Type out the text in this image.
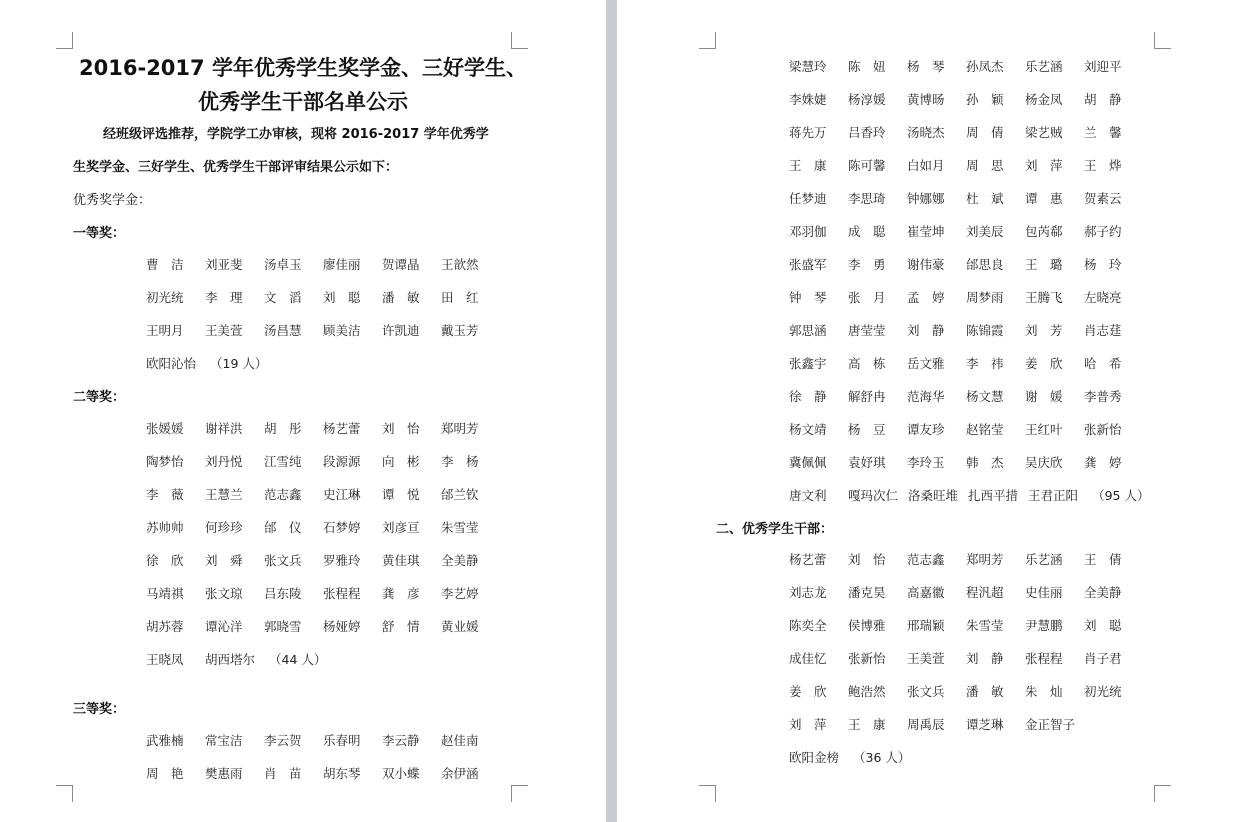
2016-2017 学年优秀学生奖学金、三好学生、
优秀学生干部名单公示
经班级评选推荐，学院学工办审核，现将 2016-2017 学年优秀学
生奖学金、三好学生、优秀学生干部评审结果公示如下：
优秀奖学金：
一等奖：
曹　洁	刘亚斐	汤卓玉	廖佳丽	贺谭晶	王歆然
初光统	李　理	文　滔	刘　聪	潘　敏	田　红
王明月	王美萱	汤昌慧	顾美洁	许凯迪	戴玉芳
欧阳沁怡 （19 人）
二等奖：
张媛媛	谢祥洪	胡　彤	杨艺蕾	刘　怡	郑明芳
陶梦怡	刘丹悦	江雪纯	段源源	向　彬	李　杨
李　薇	王慧兰	范志鑫	史江琳	谭　悦	邰兰钦
苏帅帅	何珍珍	邰　仪	石梦婷	刘彦亘	朱雪莹
徐　欣	刘　舜	张文兵	罗雅玲	黄佳琪	全美静
马靖祺	张文琼	吕东陵	张程程	龚　彦	李艺婷
胡苏蓉	谭沁洋	郭晓雪	杨娅婷	舒　情	黄业媛
王晓凤	胡西塔尔 （44 人）
三等奖：
武雅楠	常宝洁	李云贺	乐春明	李云静	赵佳南
周　艳	樊惠雨	肖　苗	胡东琴	双小蝶	余伊涵
梁慧玲	陈　妞	杨　琴	孙凤杰	乐艺涵	刘迎平
李姝婕	杨淳媛	黄博旸	孙　颖	杨金凤	胡　静
蒋先万	吕香玲	汤晓杰	周　倩	梁艺贼	兰　馨
王　康	陈可馨	白如月	周　思	刘　萍	王　烨
任梦迪	李思琦	钟娜娜	杜　斌	谭　惠	贺素云
邓羽伽	成　聪	崔莹坤	刘美辰	包芮郗	郝子约
张盛军	李　勇	谢伟豪	邰思良	王　璐	杨　玲
钟　琴	张　月	孟　婷	周梦雨	王腾飞	左晓亮
郭思涵	唐莹莹	刘　静	陈锦霞	刘　芳	肖志莛
张鑫宇	高　栋	岳文雅	李　祎	姜　欣	哈　希
徐　静	解舒冉	范海华	杨文慧	谢　媛	李普秀
杨文靖	杨　豆	谭友珍	赵铭莹	王红叶	张新怡
冀佩佩	袁妤琪	李玲玉	韩　杰	吴庆欣	龚　婷
唐文利	嘎玛次仁 洛桑旺堆 扎西平措 王君正阳 （95 人）
二、优秀学生干部：
杨艺蕾	刘　怡	范志鑫	郑明芳	乐艺涵	王　倩
刘志龙	潘克昊	高嘉徽	程汎超	史佳丽	全美静
陈奕全	侯博雅	邢瑞颖	朱雪莹	尹慧鹏	刘　聪
成佳忆	张新怡	王美萱	刘　静	张程程	肖子君
姜　欣	鲍浩然	张文兵	潘　敏	朱　灿	初光统
刘　萍	王　康	周禹辰	谭芝琳	金正智子
欧阳金榜 （36 人）
